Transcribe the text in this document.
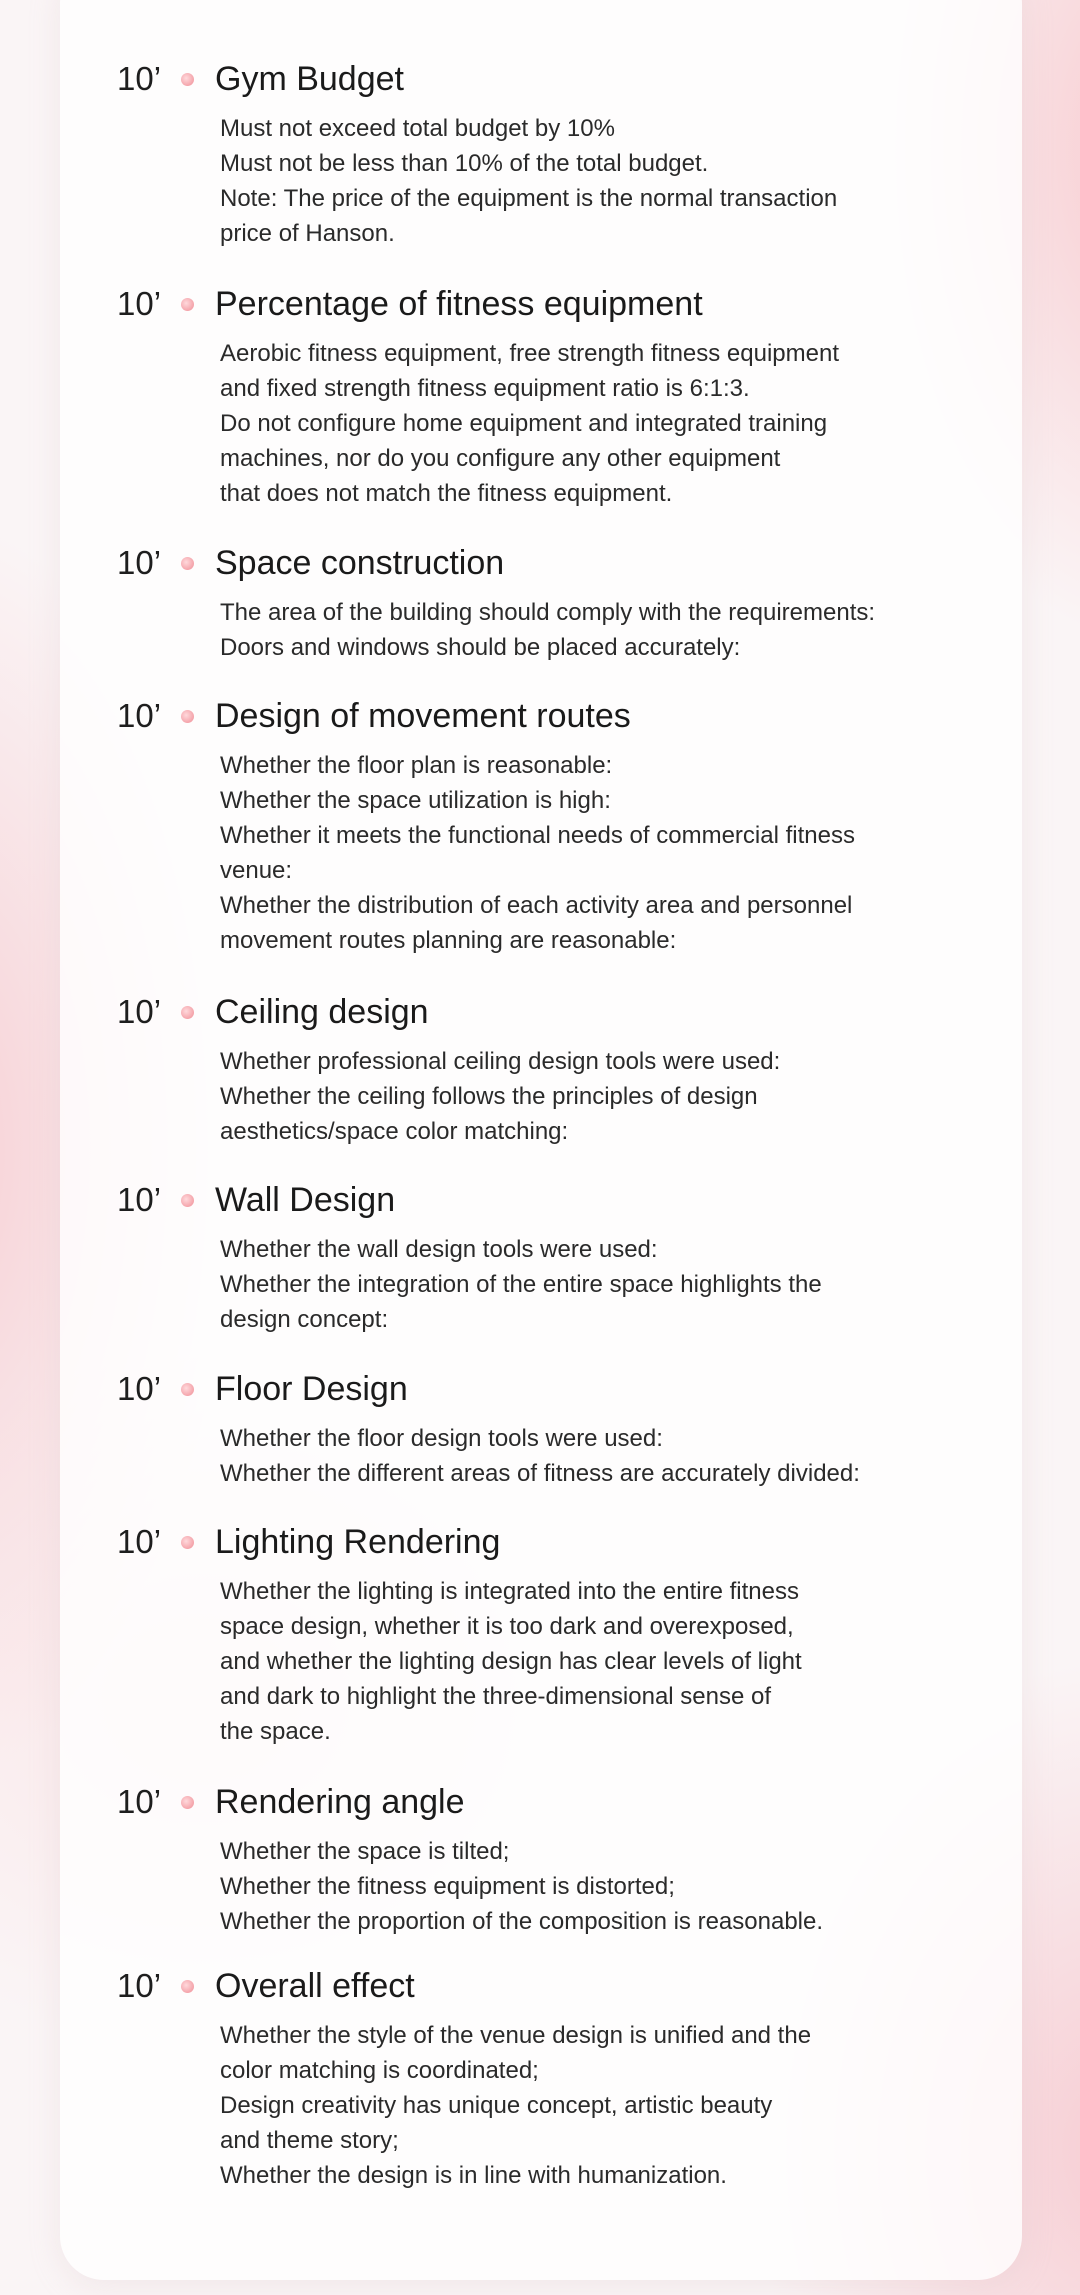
10’	Gym Budget
Must not exceed total budget by 10%
Must not be less than 10% of the total budget.
Note: The price of the equipment is the normal transaction
price of Hanson.
10’	Percentage of fitness equipment
Aerobic fitness equipment, free strength fitness equipment
and fixed strength fitness equipment ratio is 6:1:3.
Do not configure home equipment and integrated training
machines, nor do you configure any other equipment
that does not match the fitness equipment.
10’	Space construction
The area of the building should comply with the requirements:
Doors and windows should be placed accurately:
10’	Design of movement routes
Whether the floor plan is reasonable:
Whether the space utilization is high:
Whether it meets the functional needs of commercial fitness
venue:
Whether the distribution of each activity area and personnel
movement routes planning are reasonable:
10’	Ceiling design
Whether professional ceiling design tools were used:
Whether the ceiling follows the principles of design
aesthetics/space color matching:
10’	Wall Design
Whether the wall design tools were used:
Whether the integration of the entire space highlights the
design concept:
10’	Floor Design
Whether the floor design tools were used:
Whether the different areas of fitness are accurately divided:
10’	Lighting Rendering
Whether the lighting is integrated into the entire fitness
space design, whether it is too dark and overexposed,
and whether the lighting design has clear levels of light
and dark to highlight the three-dimensional sense of
the space.
10’	Rendering angle
Whether the space is tilted;
Whether the fitness equipment is distorted;
Whether the proportion of the composition is reasonable.
10’	Overall effect
Whether the style of the venue design is unified and the
color matching is coordinated;
Design creativity has unique concept, artistic beauty
and theme story;
Whether the design is in line with humanization.
